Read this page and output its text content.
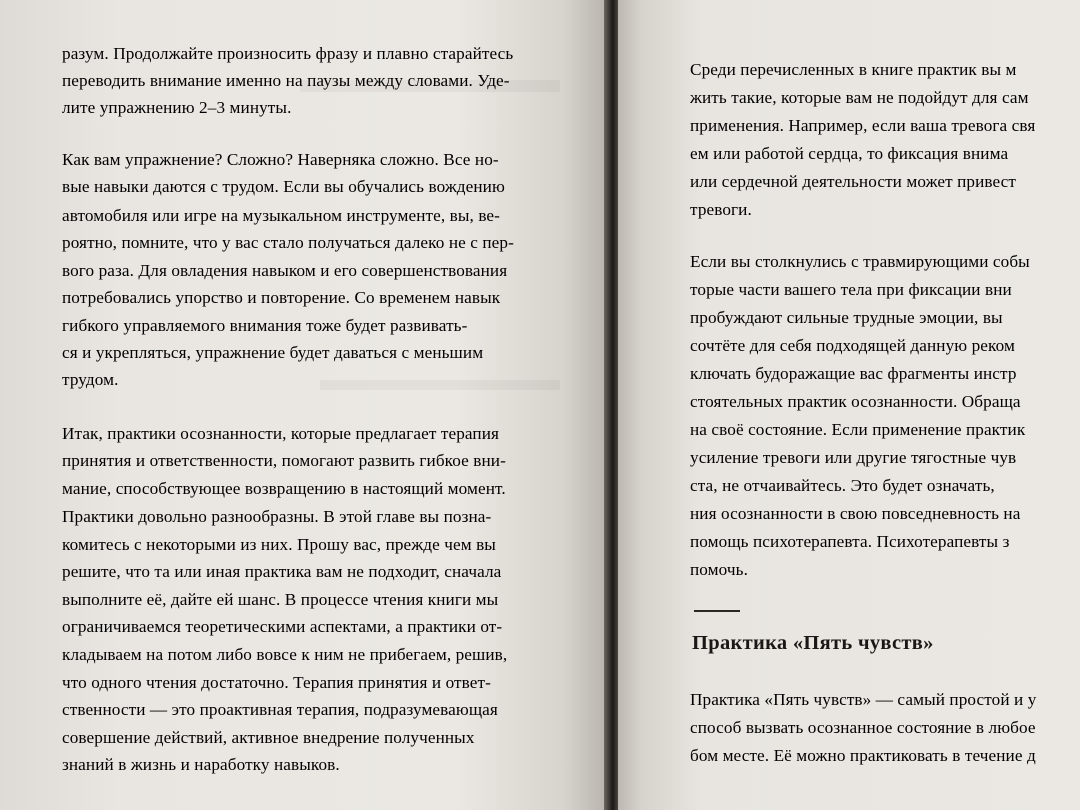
разум. Продолжайте произносить фразу и плавно старайтесь
переводить внимание именно на паузы между словами. Уде-
лите упражнению 2–3 минуты.
Как вам упражнение? Сложно? Наверняка сложно. Все но-
вые навыки даются с трудом. Если вы обучались вождению
автомобиля или игре на музыкальном инструменте, вы, ве-
роятно, помните, что у вас стало получаться далеко не с пер-
вого раза. Для овладения навыком и его совершенствования
потребовались упорство и повторение. Со временем навык
гибкого управляемого внимания тоже будет развивать-
ся и укрепляться, упражнение будет даваться с меньшим
трудом.
Итак, практики осознанности, которые предлагает терапия
принятия и ответственности, помогают развить гибкое вни-
мание, способствующее возвращению в настоящий момент.
Практики довольно разнообразны. В этой главе вы позна-
комитесь с некоторыми из них. Прошу вас, прежде чем вы
решите, что та или иная практика вам не подходит, сначала
выполните её, дайте ей шанс. В процессе чтения книги мы
ограничиваемся теоретическими аспектами, а практики от-
кладываем на потом либо вовсе к ним не прибегаем, решив,
что одного чтения достаточно. Терапия принятия и ответ-
ственности — это проактивная терапия, подразумевающая
совершение действий, активное внедрение полученных
знаний в жизнь и наработку навыков.
Среди перечисленных в книге практик вы м
жить такие, которые вам не подойдут для сам
применения. Например, если ваша тревога свя
ем или работой сердца, то фиксация внима
или сердечной деятельности может привест
тревоги.
Если вы столкнулись с травмирующими собы
торые части вашего тела при фиксации вни
пробуждают сильные трудные эмоции, вы
сочтёте для себя подходящей данную реком
ключать будоражащие вас фрагменты инстр
стоятельных практик осознанности. Обраща
на своё состояние. Если применение практик
усиление тревоги или другие тягостные чув
ста, не отчаивайтесь. Это будет означать,
ния осознанности в свою повседневность на
помощь психотерапевта. Психотерапевты з
помочь.
Практика «Пять чувств»
Практика «Пять чувств» — самый простой и у
способ вызвать осознанное состояние в любое
бом месте. Её можно практиковать в течение д
